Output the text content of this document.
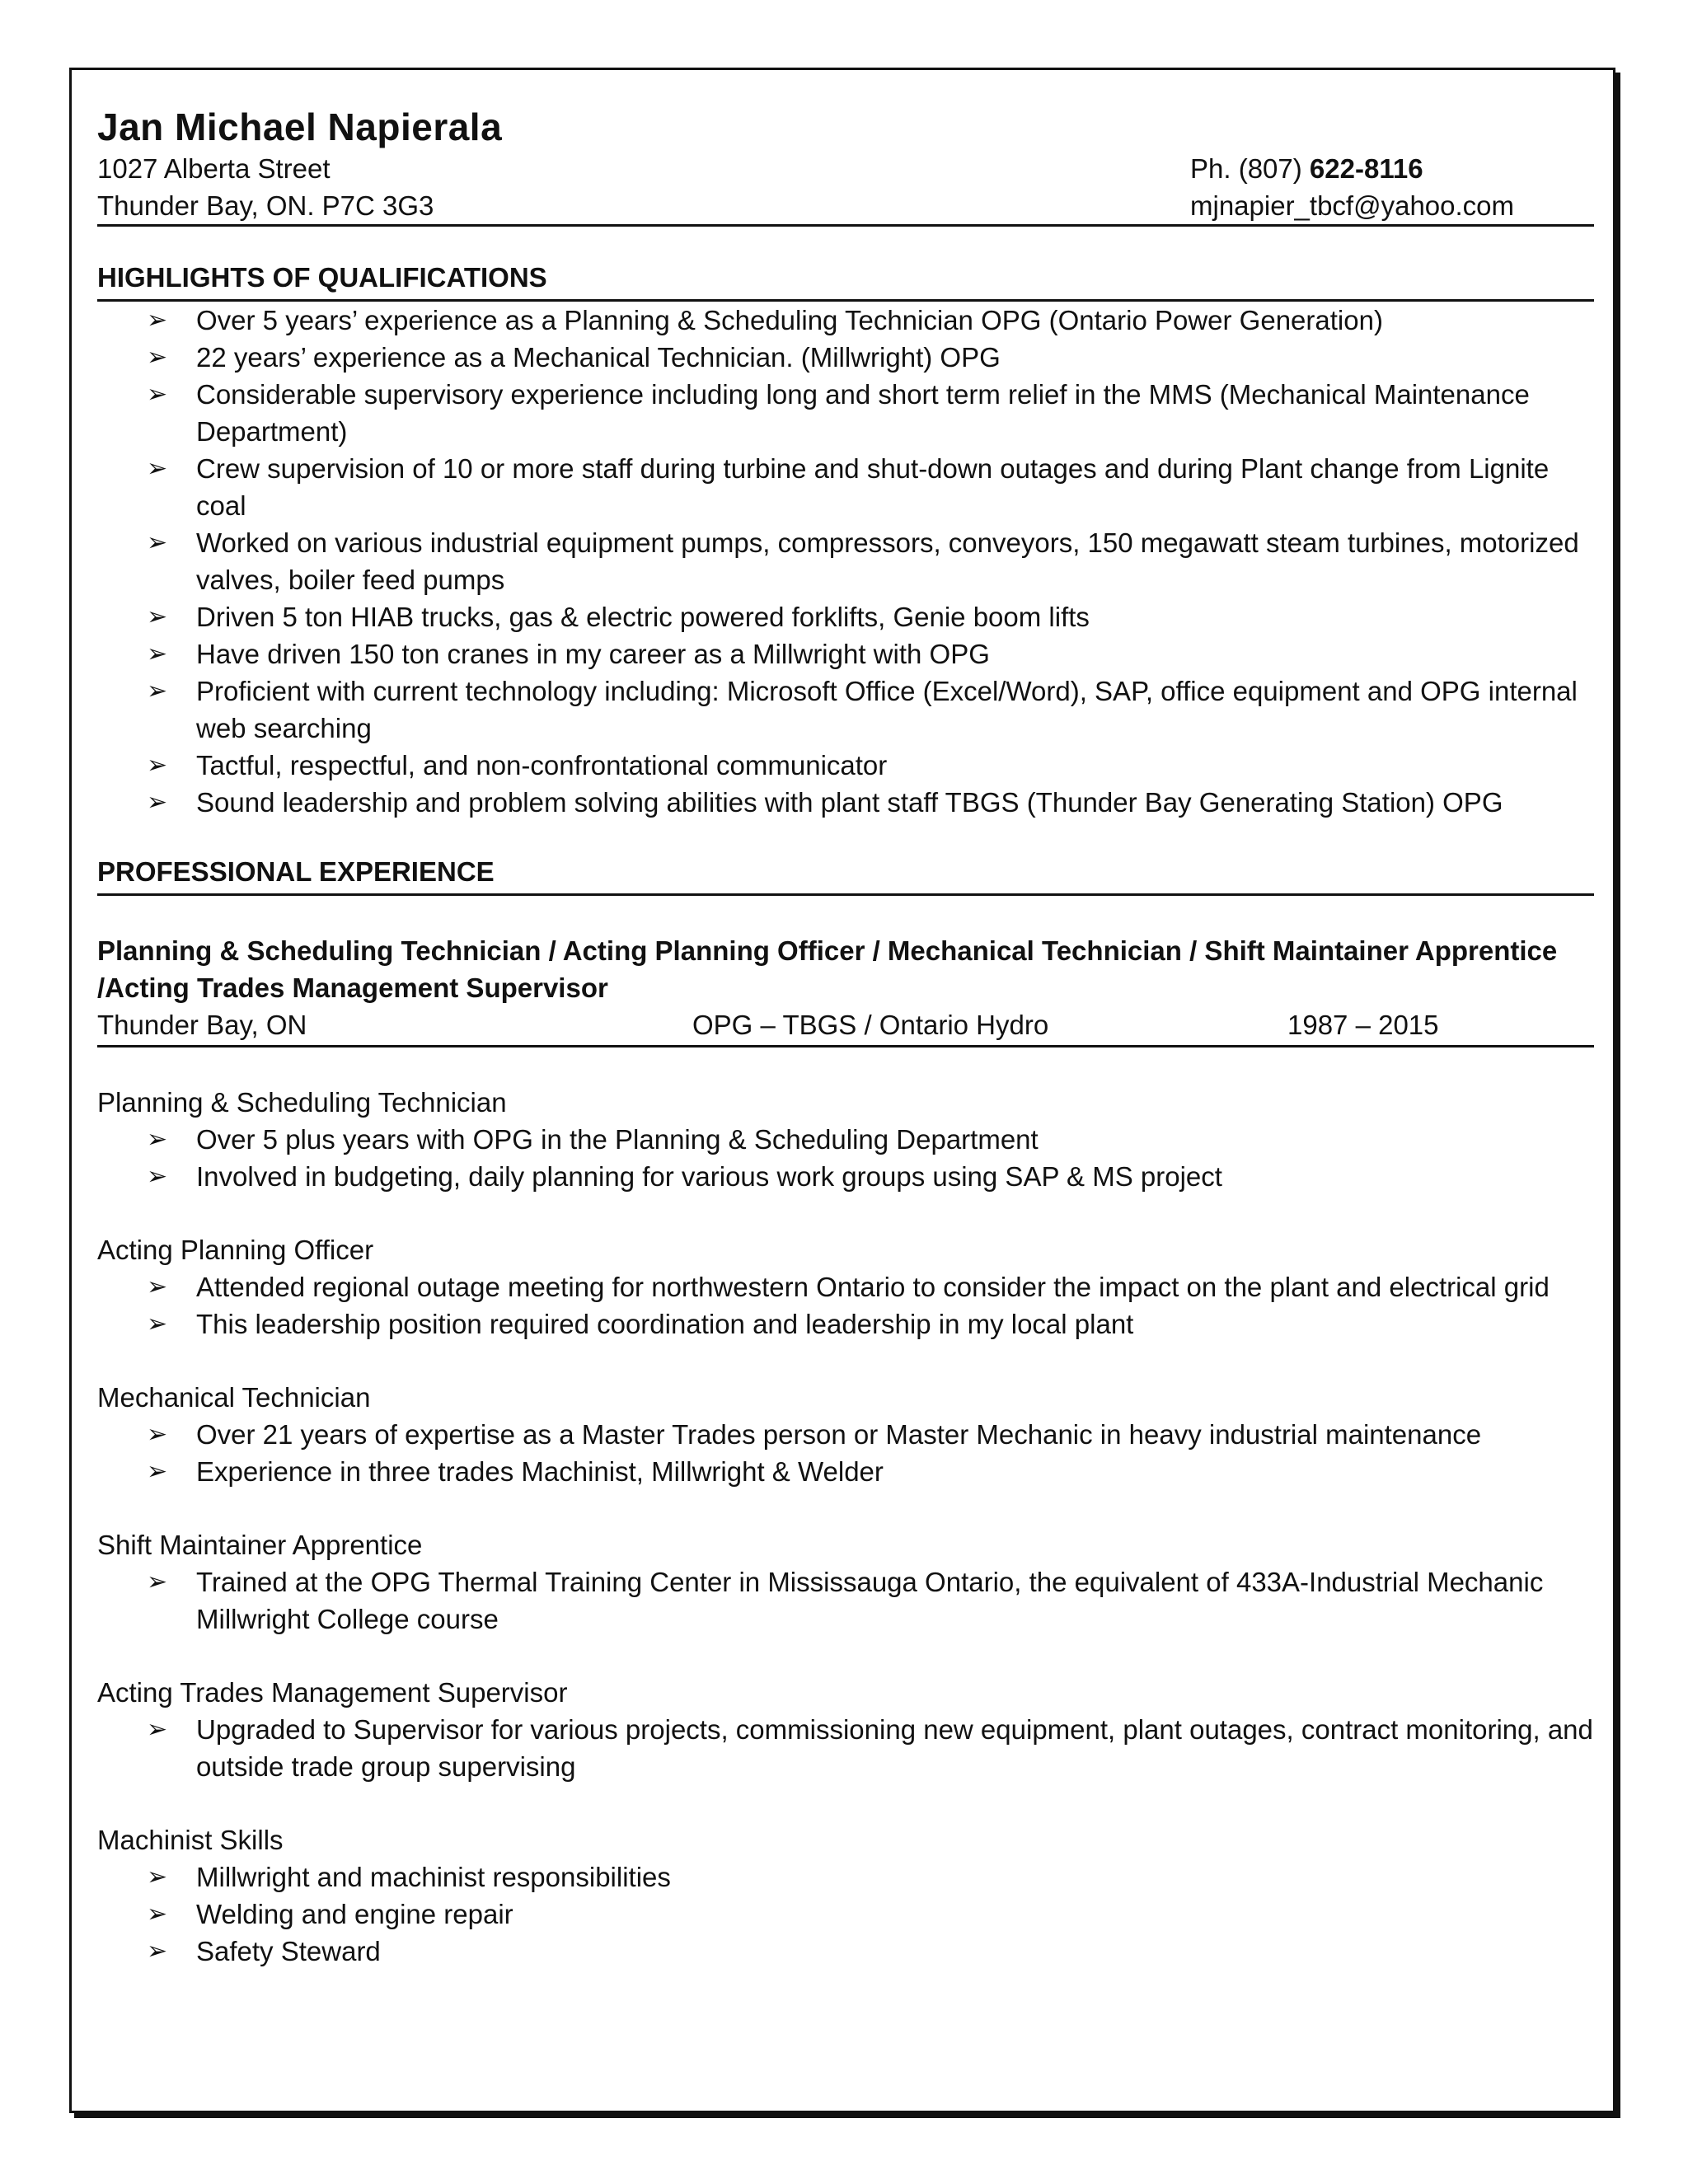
Jan Michael Napierala
1027 Alberta Street	Ph. (807) 622-8116
Thunder Bay, ON. P7C 3G3	mjnapier_tbcf@yahoo.com
HIGHLIGHTS OF QUALIFICATIONS
➢ Over 5 years’ experience as a Planning & Scheduling Technician OPG (Ontario Power Generation)
➢ 22 years’ experience as a Mechanical Technician. (Millwright) OPG
➢ Considerable supervisory experience including long and short term relief in the MMS (Mechanical Maintenance Department)
➢ Crew supervision of 10 or more staff during turbine and shut-down outages and during Plant change from Lignite coal
➢ Worked on various industrial equipment pumps, compressors, conveyors, 150 megawatt steam turbines, motorized valves, boiler feed pumps
➢ Driven 5 ton HIAB trucks, gas & electric powered forklifts, Genie boom lifts
➢ Have driven 150 ton cranes in my career as a Millwright with OPG
➢ Proficient with current technology including: Microsoft Office (Excel/Word), SAP, office equipment and OPG internal web searching
➢ Tactful, respectful, and non-confrontational communicator
➢ Sound leadership and problem solving abilities with plant staff TBGS (Thunder Bay Generating Station) OPG
PROFESSIONAL EXPERIENCE
Planning & Scheduling Technician / Acting Planning Officer / Mechanical Technician / Shift Maintainer Apprentice /Acting Trades Management Supervisor
Thunder Bay, ON	OPG – TBGS / Ontario Hydro	1987 – 2015
Planning & Scheduling Technician
➢ Over 5 plus years with OPG in the Planning & Scheduling Department
➢ Involved in budgeting, daily planning for various work groups using SAP & MS project
Acting Planning Officer
➢ Attended regional outage meeting for northwestern Ontario to consider the impact on the plant and electrical grid
➢ This leadership position required coordination and leadership in my local plant
Mechanical Technician
➢ Over 21 years of expertise as a Master Trades person or Master Mechanic in heavy industrial maintenance
➢ Experience in three trades Machinist, Millwright & Welder
Shift Maintainer Apprentice
➢ Trained at the OPG Thermal Training Center in Mississauga Ontario, the equivalent of 433A-Industrial Mechanic Millwright College course
Acting Trades Management Supervisor
➢ Upgraded to Supervisor for various projects, commissioning new equipment, plant outages, contract monitoring, and outside trade group supervising
Machinist Skills
➢ Millwright and machinist responsibilities
➢ Welding and engine repair
➢ Safety Steward
